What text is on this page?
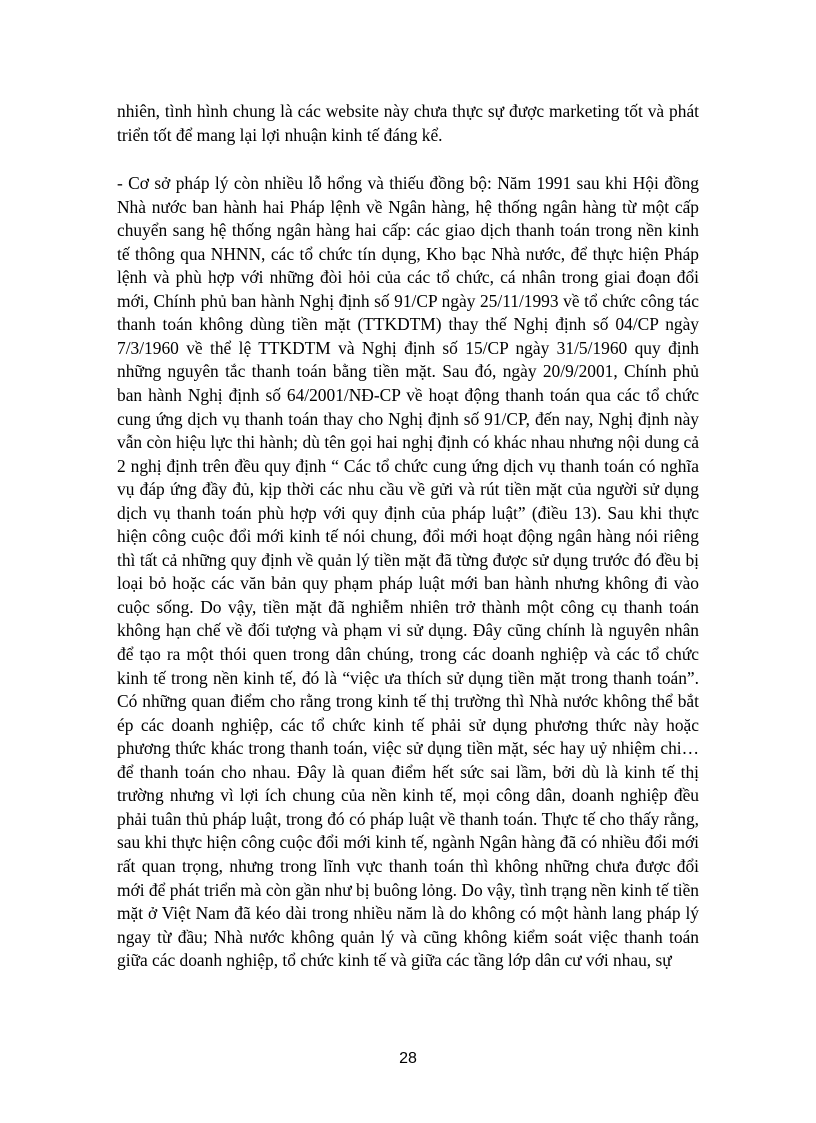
nhiên, tình hình chung là các website này chưa thực sự được marketing tốt và phát triển tốt để mang lại lợi nhuận kinh tế đáng kể.

- Cơ sở pháp lý còn nhiều lỗ hổng và thiếu đồng bộ: Năm 1991 sau khi Hội đồng Nhà nước ban hành hai Pháp lệnh về Ngân hàng, hệ thống ngân hàng từ một cấp chuyển sang hệ thống ngân hàng hai cấp: các giao dịch thanh toán trong nền kinh tế thông qua NHNN, các tổ chức tín dụng, Kho bạc Nhà nước, để thực hiện Pháp lệnh và phù hợp với những đòi hỏi của các tổ chức, cá nhân trong giai đoạn đổi mới, Chính phủ ban hành Nghị định số 91/CP ngày 25/11/1993 về tổ chức công tác thanh toán không dùng tiền mặt (TTKDTM) thay thế Nghị định số 04/CP ngày 7/3/1960 về thể lệ TTKDTM và Nghị định số 15/CP ngày 31/5/1960 quy định những nguyên tắc thanh toán bằng tiền mặt. Sau đó, ngày 20/9/2001, Chính phủ ban hành Nghị định số 64/2001/NĐ-CP về hoạt động thanh toán qua các tổ chức cung ứng dịch vụ thanh toán thay cho Nghị định số 91/CP, đến nay, Nghị định này vẫn còn hiệu lực thi hành; dù tên gọi hai nghị định có khác nhau nhưng nội dung cả 2 nghị định trên đều quy định “ Các tổ chức cung ứng dịch vụ thanh toán có nghĩa vụ đáp ứng đầy đủ, kịp thời các nhu cầu về gửi và rút tiền mặt của người sử dụng dịch vụ thanh toán phù hợp với quy định của pháp luật” (điều 13). Sau khi thực hiện công cuộc đổi mới kinh tế nói chung, đổi mới hoạt động ngân hàng nói riêng thì tất cả những quy định về quản lý tiền mặt đã từng được sử dụng trước đó đều bị loại bỏ hoặc các văn bản quy phạm pháp luật mới ban hành nhưng không đi vào cuộc sống. Do vậy, tiền mặt đã nghiễm nhiên trở thành một công cụ thanh toán không hạn chế về đối tượng và phạm vi sử dụng. Đây cũng chính là nguyên nhân để tạo ra một thói quen trong dân chúng, trong các doanh nghiệp và các tổ chức kinh tế trong nền kinh tế, đó là “việc ưa thích sử dụng tiền mặt trong thanh toán”. Có những quan điểm cho rằng trong kinh tế thị trường thì Nhà nước không thể bắt ép các doanh nghiệp, các tổ chức kinh tế phải sử dụng phương thức này hoặc phương thức khác trong thanh toán, việc sử dụng tiền mặt, séc hay uỷ nhiệm chi… để thanh toán cho nhau. Đây là quan điểm hết sức sai lầm, bởi dù là kinh tế thị trường nhưng vì lợi ích chung của nền kinh tế, mọi công dân, doanh nghiệp đều phải tuân thủ pháp luật, trong đó có pháp luật về thanh toán. Thực tế cho thấy rằng, sau khi thực hiện công cuộc đổi mới kinh tế, ngành Ngân hàng đã có nhiều đổi mới rất quan trọng, nhưng trong lĩnh vực thanh toán thì không những chưa được đổi mới để phát triển mà còn gần như bị buông lỏng. Do vậy, tình trạng nền kinh tế tiền mặt ở Việt Nam đã kéo dài trong nhiều năm là do không có một hành lang pháp lý ngay từ đầu; Nhà nước không quản lý và cũng không kiểm soát việc thanh toán giữa các doanh nghiệp, tổ chức kinh tế và giữa các tầng lớp dân cư với nhau, sự

28
